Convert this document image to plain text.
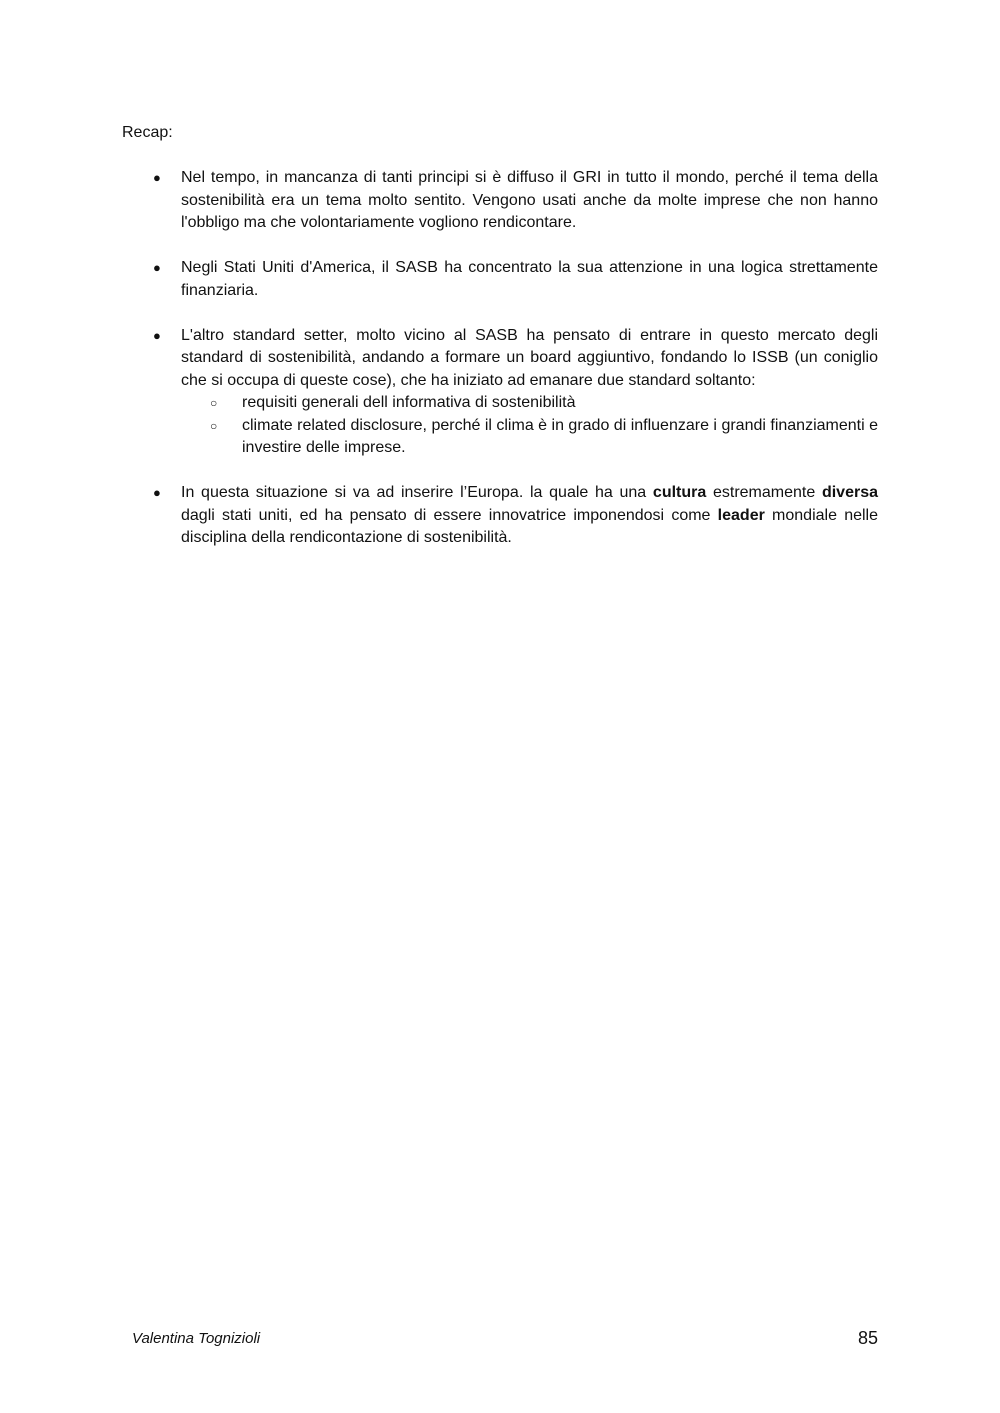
Recap:
● Nel tempo, in mancanza di tanti principi si è diffuso il GRI in tutto il mondo, perché il tema della sostenibilità era un tema molto sentito. Vengono usati anche da molte imprese che non hanno l'obbligo ma che volontariamente vogliono rendicontare.
● Negli Stati Uniti d'America, il SASB ha concentrato la sua attenzione in una logica strettamente finanziaria.
● L'altro standard setter, molto vicino al SASB ha pensato di entrare in questo mercato degli standard di sostenibilità, andando a formare un board aggiuntivo, fondando lo ISSB (un coniglio che si occupa di queste cose), che ha iniziato ad emanare due standard soltanto:
○ requisiti generali dell informativa di sostenibilità
○ climate related disclosure, perché il clima è in grado di influenzare i grandi finanziamenti e investire delle imprese.
● In questa situazione si va ad inserire l’Europa. la quale ha una cultura estremamente diversa dagli stati uniti, ed ha pensato di essere innovatrice imponendosi come leader mondiale nelle disciplina della rendicontazione di sostenibilità.
Valentina Tognizioli	85
